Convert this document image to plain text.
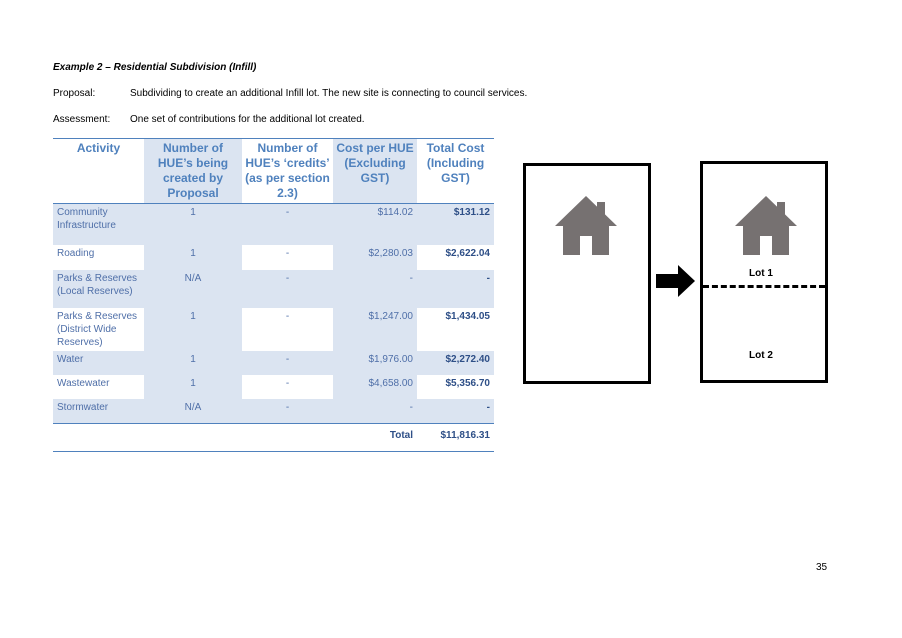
Example 2 – Residential Subdivision (Infill)
Proposal:	Subdividing to create an additional Infill lot. The new site is connecting to council services.
Assessment: One set of contributions for the additional lot created.
Activity	Number of HUE’s being created by Proposal	Number of HUE’s ‘credits’ (as per section 2.3)	Cost per HUE (Excluding GST)	Total Cost (Including GST)
Community Infrastructure	1	-	$114.02	$131.12
Roading	1	-	$2,280.03	$2,622.04
Parks & Reserves (Local Reserves)	N/A	-	-	-
Parks & Reserves (District Wide Reserves)	1	-	$1,247.00	$1,434.05
Water	1	-	$1,976.00	$2,272.40
Wastewater	1	-	$4,658.00	$5,356.70
Stormwater	N/A	-	-	-
			Total	$11,816.31
Lot 1
Lot 2
35
